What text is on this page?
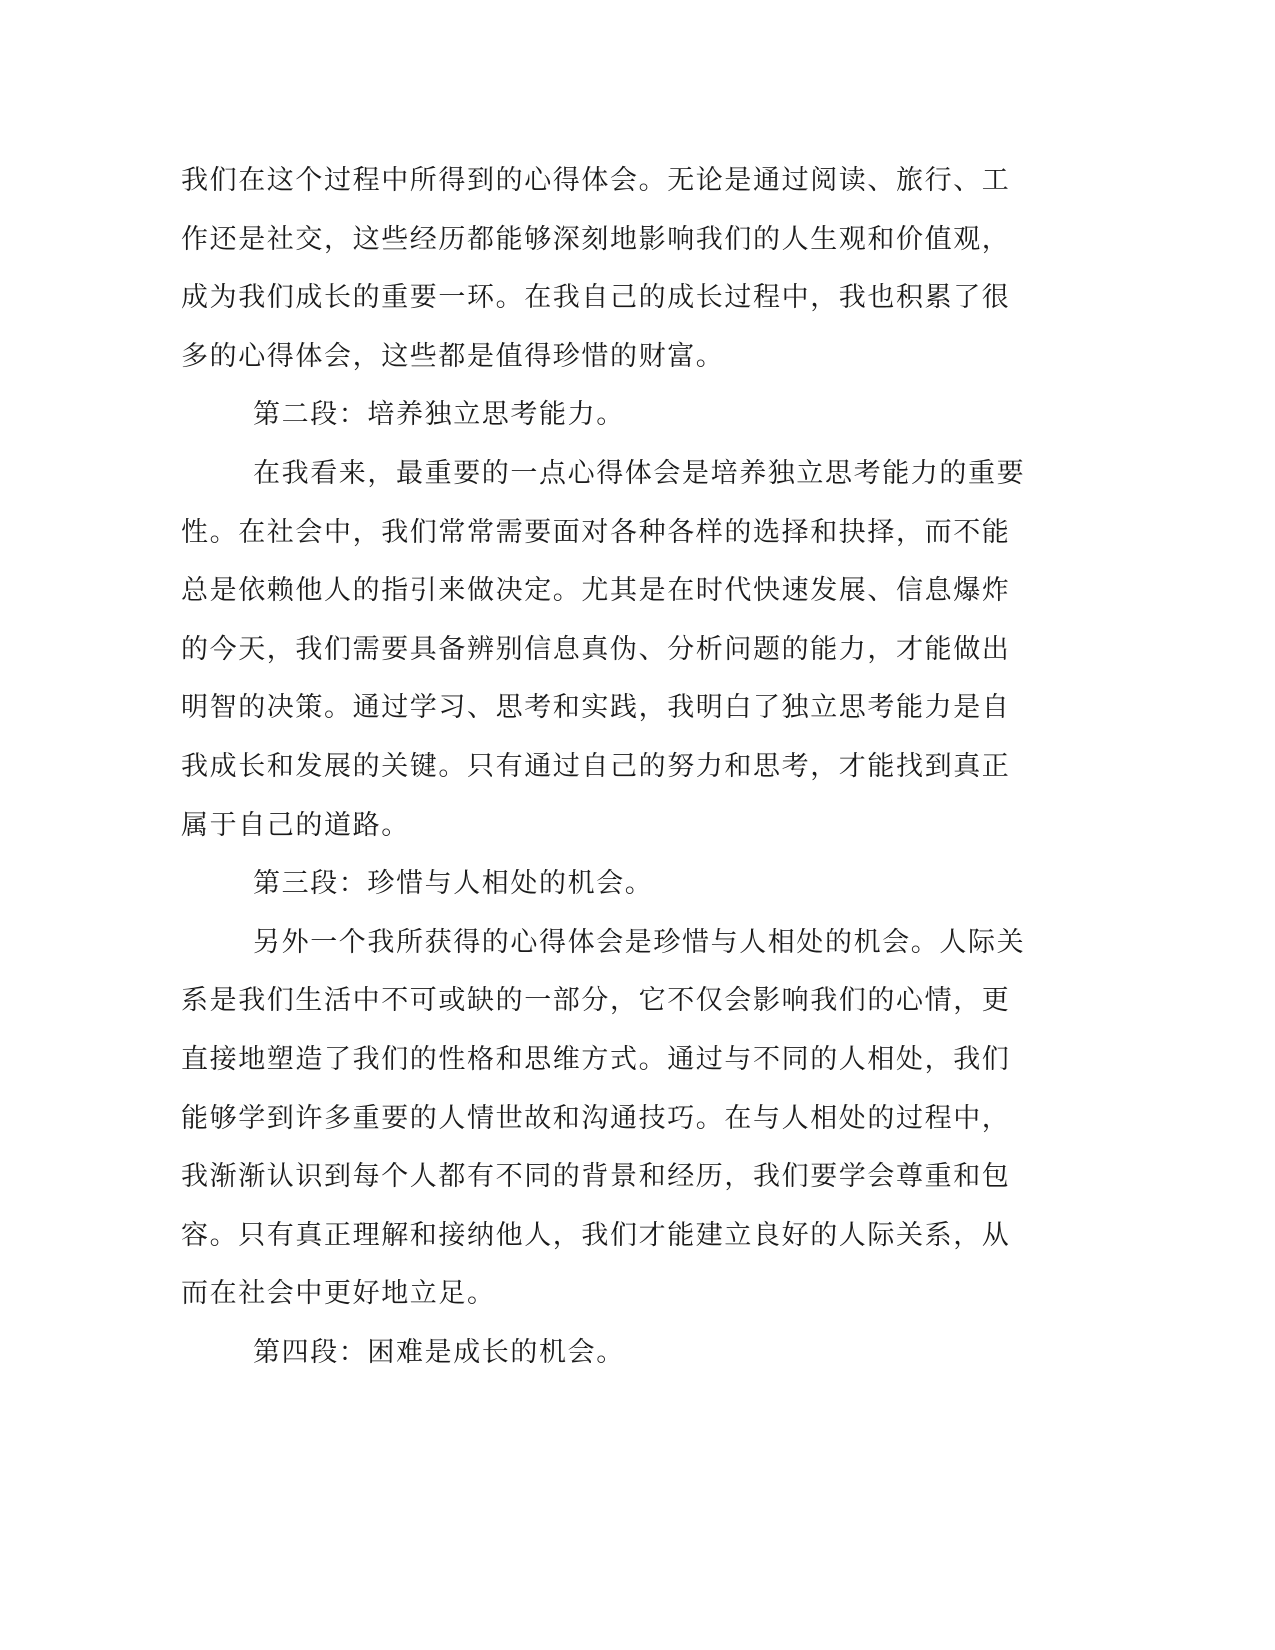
我们在这个过程中所得到的心得体会。无论是通过阅读、旅行、工作还是社交，这些经历都能够深刻地影响我们的人生观和价值观，成为我们成长的重要一环。在我自己的成长过程中，我也积累了很多的心得体会，这些都是值得珍惜的财富。

第二段：培养独立思考能力。

在我看来，最重要的一点心得体会是培养独立思考能力的重要性。在社会中，我们常常需要面对各种各样的选择和抉择，而不能总是依赖他人的指引来做决定。尤其是在时代快速发展、信息爆炸的今天，我们需要具备辨别信息真伪、分析问题的能力，才能做出明智的决策。通过学习、思考和实践，我明白了独立思考能力是自我成长和发展的关键。只有通过自己的努力和思考，才能找到真正属于自己的道路。

第三段：珍惜与人相处的机会。

另外一个我所获得的心得体会是珍惜与人相处的机会。人际关系是我们生活中不可或缺的一部分，它不仅会影响我们的心情，更直接地塑造了我们的性格和思维方式。通过与不同的人相处，我们能够学到许多重要的人情世故和沟通技巧。在与人相处的过程中，我渐渐认识到每个人都有不同的背景和经历，我们要学会尊重和包容。只有真正理解和接纳他人，我们才能建立良好的人际关系，从而在社会中更好地立足。

第四段：困难是成长的机会。
